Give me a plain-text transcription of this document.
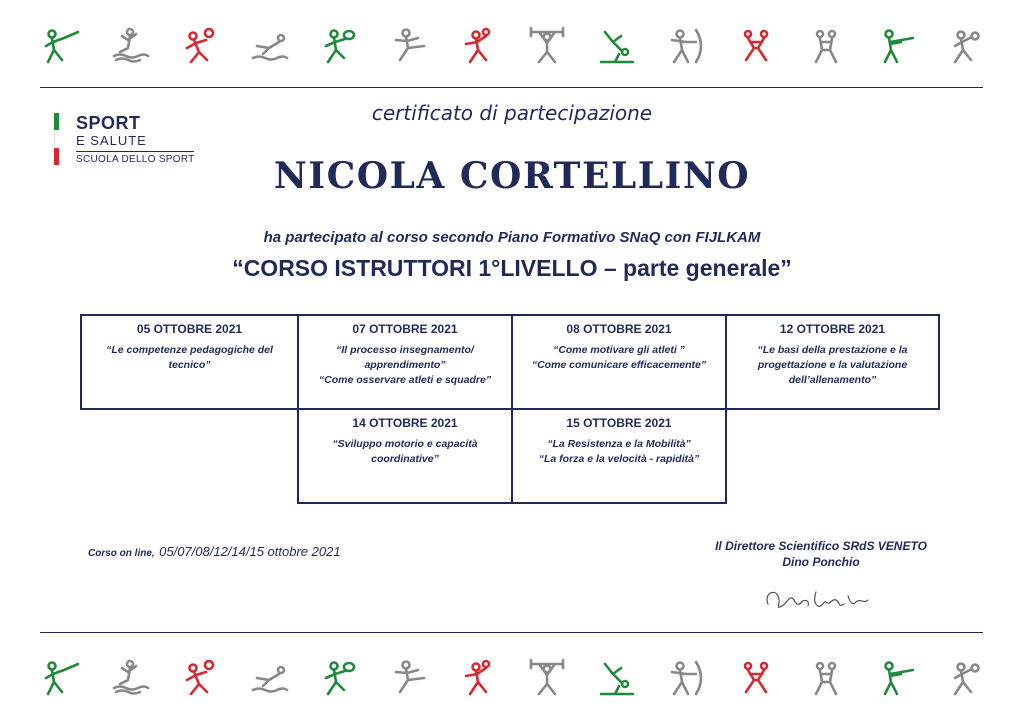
SPORT
E SALUTE
SCUOLA DELLO SPORT
certificato di partecipazione
NICOLA CORTELLINO
ha partecipato al corso secondo Piano Formativo SNaQ con FIJLKAM
“CORSO ISTRUTTORI 1°LIVELLO – parte generale”
05 OTTOBRE 2021
“Le competenze pedagogiche del tecnico”
07 OTTOBRE 2021
“Il processo insegnamento/ apprendimento”
“Come osservare atleti e squadre”
08 OTTOBRE 2021
“Come motivare gli atleti ”
“Come comunicare efficacemente”
12 OTTOBRE 2021
“Le basi della prestazione e la progettazione e la valutazione dell’allenamento”
14 OTTOBRE 2021
“Sviluppo motorio e capacità coordinative”
15 OTTOBRE 2021
“La Resistenza e la Mobilità”
“La forza e la velocità - rapidità”
Corso on line, 05/07/08/12/14/15 ottobre 2021	Il Direttore Scientifico SRdS VENETO
Dino Ponchio
